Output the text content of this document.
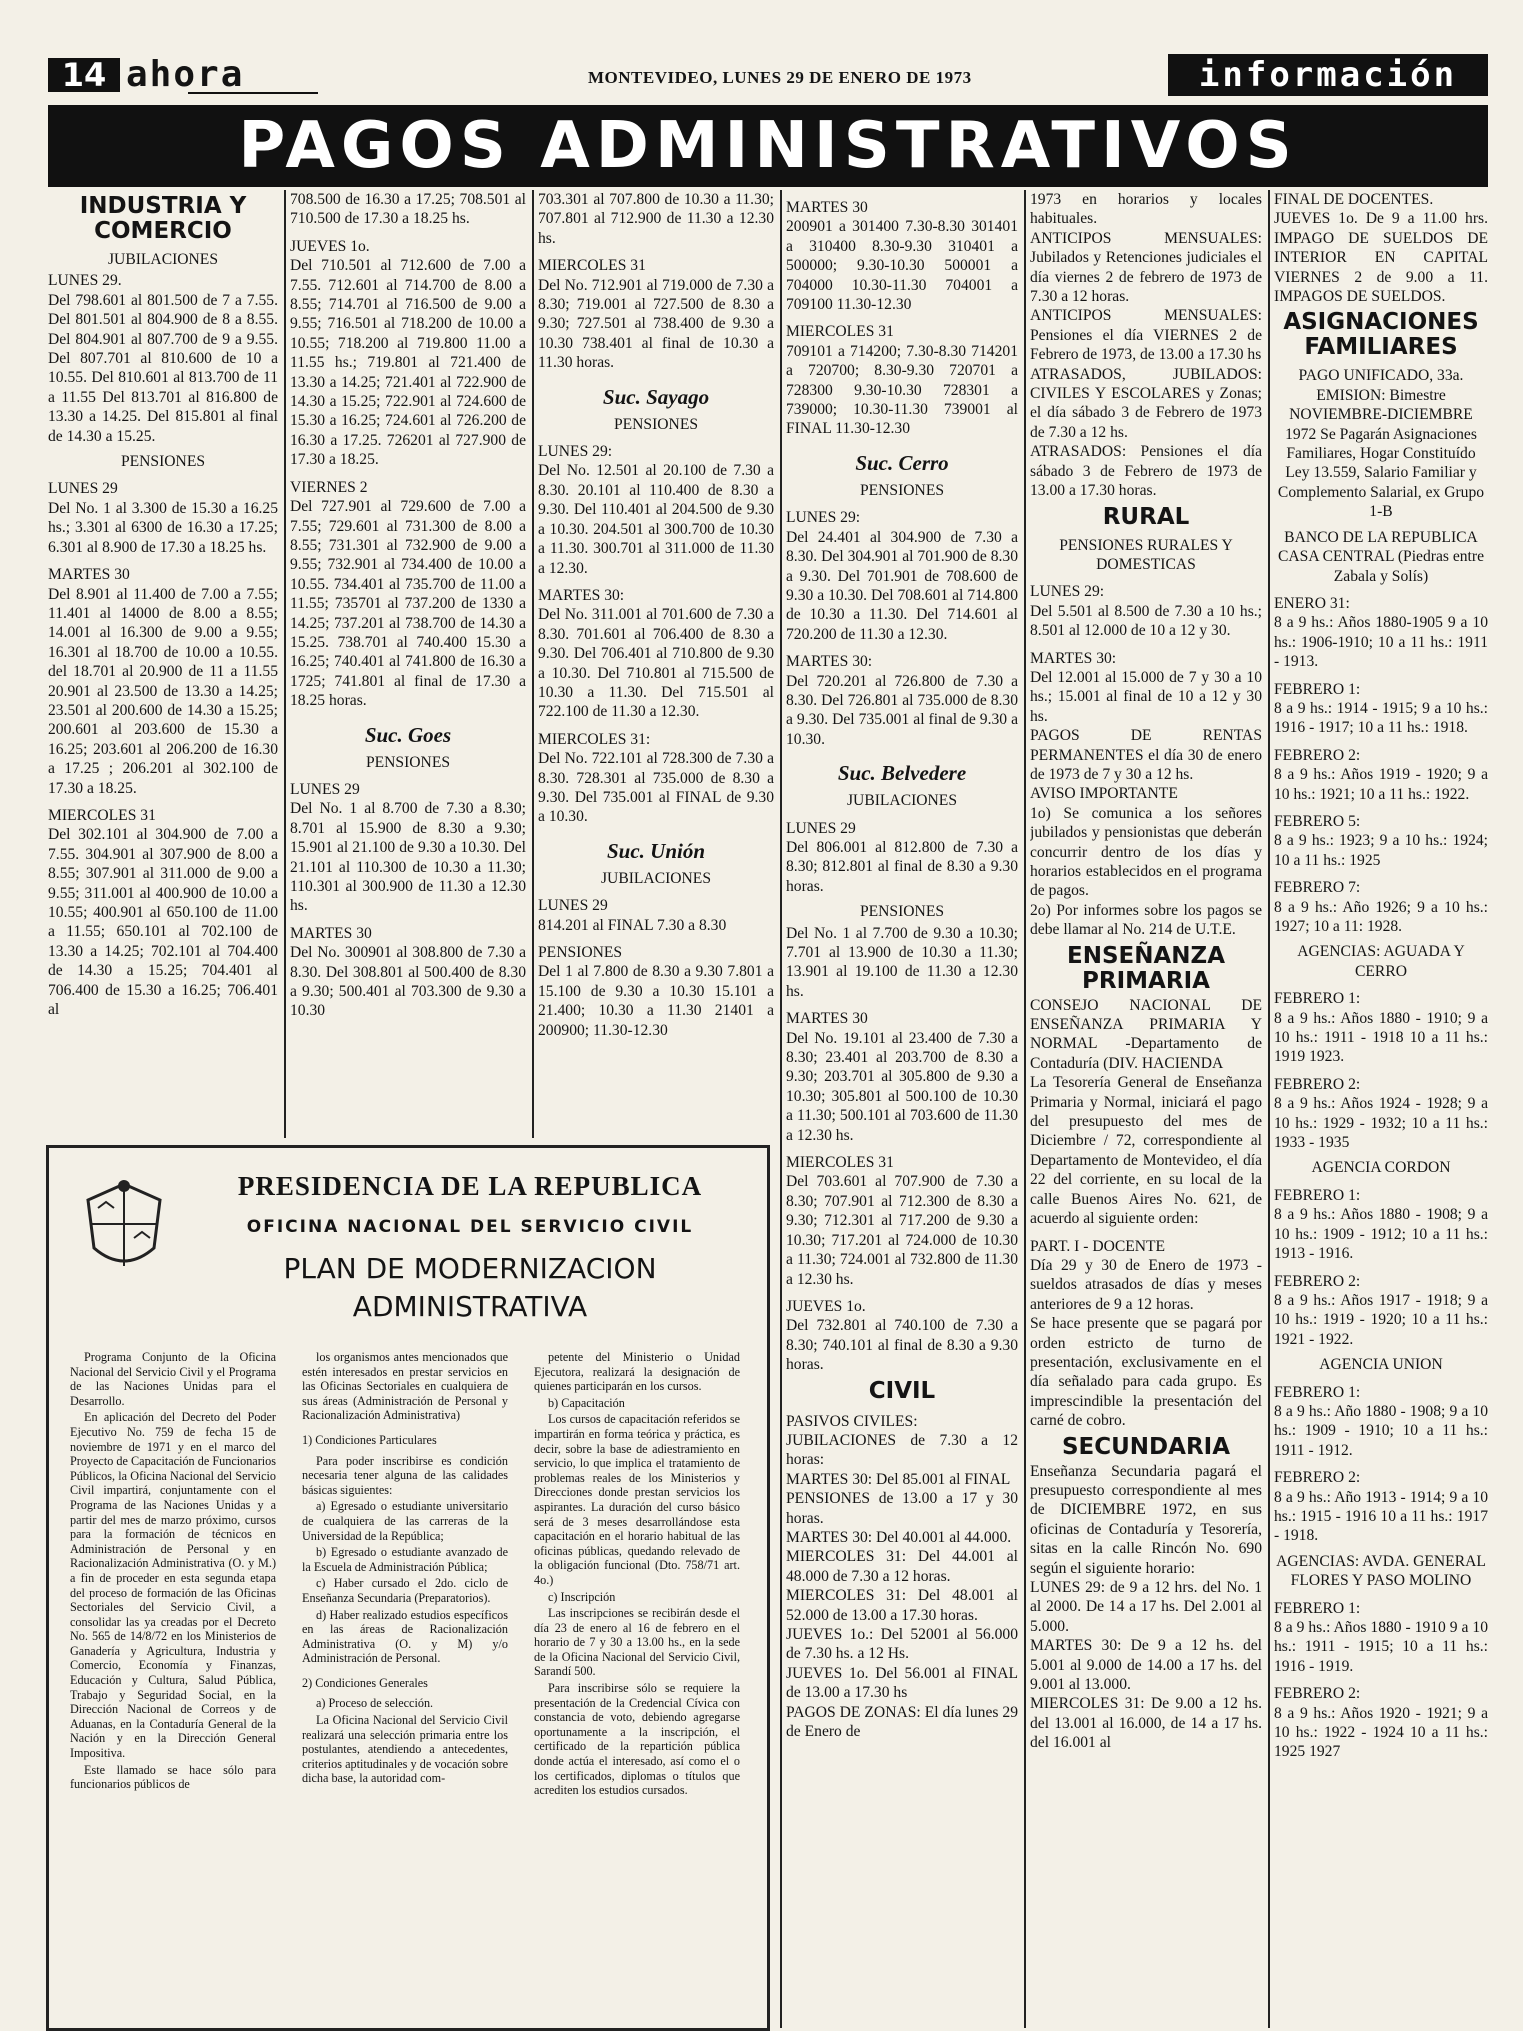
14 ahora	MONTEVIDEO, LUNES 29 DE ENERO DE 1973	información
PAGOS ADMINISTRATIVOS
INDUSTRIA Y COMERCIO

JUBILACIONES

LUNES 29.

Del 798.601 al 801.500 de 7 a 7.55. Del 801.501 al 804.900 de 8 a 8.55. Del 804.901 al 807.700 de 9 a 9.55. Del 807.701 al 810.600 de 10 a 10.55. Del 810.601 al 813.700 de 11 a 11.55 Del 813.701 al 816.800 de 13.30 a 14.25. Del 815.801 al final de 14.30 a 15.25.

PENSIONES

LUNES 29

Del No. 1 al 3.300 de 15.30 a 16.25 hs.; 3.301 al 6300 de 16.30 a 17.25; 6.301 al 8.900 de 17.30 a 18.25 hs.

MARTES 30

Del 8.901 al 11.400 de 7.00 a 7.55; 11.401 al 14000 de 8.00 a 8.55; 14.001 al 16.300 de 9.00 a 9.55; 16.301 al 18.700 de 10.00 a 10.55. del 18.701 al 20.900 de 11 a 11.55 20.901 al 23.500 de 13.30 a 14.25; 23.501 al 200.600 de 14.30 a 15.25; 200.601 al 203.600 de 15.30 a 16.25; 203.601 al 206.200 de 16.30 a 17.25 ; 206.201 al 302.100 de 17.30 a 18.25.

MIERCOLES 31

Del 302.101 al 304.900 de 7.00 a 7.55. 304.901 al 307.900 de 8.00 a 8.55; 307.901 al 311.000 de 9.00 a 9.55; 311.001 al 400.900 de 10.00 a 10.55; 400.901 al 650.100 de 11.00 a 11.55; 650.101 al 702.100 de 13.30 a 14.25; 702.101 al 704.400 de 14.30 a 15.25; 704.401 al 706.400 de 15.30 a 16.25; 706.401 al

708.500 de 16.30 a 17.25; 708.501 al 710.500 de 17.30 a 18.25 hs.

JUEVES 1o.

Del 710.501 al 712.600 de 7.00 a 7.55. 712.601 al 714.700 de 8.00 a 8.55; 714.701 al 716.500 de 9.00 a 9.55; 716.501 al 718.200 de 10.00 a 10.55; 718.200 al 719.800 11.00 a 11.55 hs.; 719.801 al 721.400 de 13.30 a 14.25; 721.401 al 722.900 de 14.30 a 15.25; 722.901 al 724.600 de 15.30 a 16.25; 724.601 al 726.200 de 16.30 a 17.25. 726201 al 727.900 de 17.30 a 18.25.

VIERNES 2

Del 727.901 al 729.600 de 7.00 a 7.55; 729.601 al 731.300 de 8.00 a 8.55; 731.301 al 732.900 de 9.00 a 9.55; 732.901 al 734.400 de 10.00 a 10.55. 734.401 al 735.700 de 11.00 a 11.55; 735701 al 737.200 de 1330 a 14.25; 737.201 al 738.700 de 14.30 a 15.25. 738.701 al 740.400 15.30 a 16.25; 740.401 al 741.800 de 16.30 a 1725; 741.801 al final de 17.30 a 18.25 horas.

Suc. Goes

PENSIONES

LUNES 29

Del No. 1 al 8.700 de 7.30 a 8.30; 8.701 al 15.900 de 8.30 a 9.30; 15.901 al 21.100 de 9.30 a 10.30. Del 21.101 al 110.300 de 10.30 a 11.30; 110.301 al 300.900 de 11.30 a 12.30 hs.

MARTES 30

Del No. 300901 al 308.800 de 7.30 a 8.30. Del 308.801 al 500.400 de 8.30 a 9.30; 500.401 al 703.300 de 9.30 a 10.30

703.301 al 707.800 de 10.30 a 11.30; 707.801 al 712.900 de 11.30 a 12.30 hs.

MIERCOLES 31

Del No. 712.901 al 719.000 de 7.30 a 8.30; 719.001 al 727.500 de 8.30 a 9.30; 727.501 al 738.400 de 9.30 a 10.30 738.401 al final de 10.30 a 11.30 horas.

Suc. Sayago

PENSIONES

LUNES 29:

Del No. 12.501 al 20.100 de 7.30 a 8.30. 20.101 al 110.400 de 8.30 a 9.30. Del 110.401 al 204.500 de 9.30 a 10.30. 204.501 al 300.700 de 10.30 a 11.30. 300.701 al 311.000 de 11.30 a 12.30.

MARTES 30:

Del No. 311.001 al 701.600 de 7.30 a 8.30. 701.601 al 706.400 de 8.30 a 9.30. Del 706.401 al 710.800 de 9.30 a 10.30. Del 710.801 al 715.500 de 10.30 a 11.30. Del 715.501 al 722.100 de 11.30 a 12.30.

MIERCOLES 31:

Del No. 722.101 al 728.300 de 7.30 a 8.30. 728.301 al 735.000 de 8.30 a 9.30. Del 735.001 al FINAL de 9.30 a 10.30.

Suc. Unión

JUBILACIONES

LUNES 29

814.201 al FINAL 7.30 a 8.30

PENSIONES

Del 1 al 7.800 de 8.30 a 9.30 7.801 a 15.100 de 9.30 a 10.30 15.101 a 21.400; 10.30 a 11.30 21401 a 200900; 11.30-12.30

MARTES 30

200901 a 301400 7.30-8.30 301401 a 310400 8.30-9.30 310401 a 500000; 9.30-10.30 500001 a 704000 10.30-11.30 704001 a 709100 11.30-12.30

MIERCOLES 31

709101 a 714200; 7.30-8.30 714201 a 720700; 8.30-9.30 720701 a 728300 9.30-10.30 728301 a 739000; 10.30-11.30 739001 al FINAL 11.30-12.30

Suc. Cerro

PENSIONES

LUNES 29:

Del 24.401 al 304.900 de 7.30 a 8.30. Del 304.901 al 701.900 de 8.30 a 9.30. Del 701.901 de 708.600 de 9.30 a 10.30. Del 708.601 al 714.800 de 10.30 a 11.30. Del 714.601 al 720.200 de 11.30 a 12.30.

MARTES 30:

Del 720.201 al 726.800 de 7.30 a 8.30. Del 726.801 al 735.000 de 8.30 a 9.30. Del 735.001 al final de 9.30 a 10.30.

Suc. Belvedere

JUBILACIONES

LUNES 29

Del 806.001 al 812.800 de 7.30 a 8.30; 812.801 al final de 8.30 a 9.30 horas.

PENSIONES

Del No. 1 al 7.700 de 9.30 a 10.30; 7.701 al 13.900 de 10.30 a 11.30; 13.901 al 19.100 de 11.30 a 12.30 hs.

MARTES 30

Del No. 19.101 al 23.400 de 7.30 a 8.30; 23.401 al 203.700 de 8.30 a 9.30; 203.701 al 305.800 de 9.30 a 10.30; 305.801 al 500.100 de 10.30 a 11.30; 500.101 al 703.600 de 11.30 a 12.30 hs.

MIERCOLES 31

Del 703.601 al 707.900 de 7.30 a 8.30; 707.901 al 712.300 de 8.30 a 9.30; 712.301 al 717.200 de 9.30 a 10.30; 717.201 al 724.000 de 10.30 a 11.30; 724.001 al 732.800 de 11.30 a 12.30 hs.

JUEVES 1o.

Del 732.801 al 740.100 de 7.30 a 8.30; 740.101 al final de 8.30 a 9.30 horas.

CIVIL

PASIVOS CIVILES:

JUBILACIONES de 7.30 a 12 horas:

MARTES 30: Del 85.001 al FINAL

PENSIONES de 13.00 a 17 y 30 horas.

MARTES 30: Del 40.001 al 44.000.

MIERCOLES 31: Del 44.001 al 48.000 de 7.30 a 12 horas.

MIERCOLES 31: Del 48.001 al 52.000 de 13.00 a 17.30 horas.

JUEVES 1o.: Del 52001 al 56.000 de 7.30 hs. a 12 Hs.

JUEVES 1o. Del 56.001 al FINAL de 13.00 a 17.30 hs

PAGOS DE ZONAS: El día lunes 29 de Enero de

1973 en horarios y locales habituales.

ANTICIPOS MENSUALES: Jubilados y Retenciones judiciales el día viernes 2 de febrero de 1973 de 7.30 a 12 horas.

ANTICIPOS MENSUALES: Pensiones el día VIERNES 2 de Febrero de 1973, de 13.00 a 17.30 hs

ATRASADOS, JUBILADOS: CIVILES Y ESCOLARES y Zonas; el día sábado 3 de Febrero de 1973 de 7.30 a 12 hs.

ATRASADOS: Pensiones el día sábado 3 de Febrero de 1973 de 13.00 a 17.30 horas.

RURAL

PENSIONES RURALES Y DOMESTICAS

LUNES 29:

Del 5.501 al 8.500 de 7.30 a 10 hs.; 8.501 al 12.000 de 10 a 12 y 30.

MARTES 30:

Del 12.001 al 15.000 de 7 y 30 a 10 hs.; 15.001 al final de 10 a 12 y 30 hs.

PAGOS DE RENTAS PERMANENTES el día 30 de enero de 1973 de 7 y 30 a 12 hs.

AVISO IMPORTANTE

1o) Se comunica a los señores jubilados y pensionistas que deberán concurrir dentro de los días y horarios establecidos en el programa de pagos.

2o) Por informes sobre los pagos se debe llamar al No. 214 de U.T.E.

ENSEÑANZA PRIMARIA

CONSEJO NACIONAL DE ENSEÑANZA PRIMARIA Y NORMAL -Departamento de Contaduría (DIV. HACIENDA

La Tesorería General de Enseñanza Primaria y Normal, iniciará el pago del presupuesto del mes de Diciembre / 72, correspondiente al Departamento de Montevideo, el día 22 del corriente, en su local de la calle Buenos Aires No. 621, de acuerdo al siguiente orden:

PART. I - DOCENTE

Día 29 y 30 de Enero de 1973 - sueldos atrasados de días y meses anteriores de 9 a 12 horas.

Se hace presente que se pagará por orden estricto de turno de presentación, exclusivamente en el día señalado para cada grupo. Es imprescindible la presentación del carné de cobro.

SECUNDARIA

Enseñanza Secundaria pagará el presupuesto correspondiente al mes de DICIEMBRE 1972, en sus oficinas de Contaduría y Tesorería, sitas en la calle Rincón No. 690 según el siguiente horario:

LUNES 29: de 9 a 12 hrs. del No. 1 al 2000. De 14 a 17 hs. Del 2.001 al 5.000.

MARTES 30: De 9 a 12 hs. del 5.001 al 9.000 de 14.00 a 17 hs. del 9.001 al 13.000.

MIERCOLES 31: De 9.00 a 12 hs. del 13.001 al 16.000, de 14 a 17 hs. del 16.001 al

FINAL DE DOCENTES.

JUEVES 1o. De 9 a 11.00 hrs. IMPAGO DE SUELDOS DE INTERIOR EN CAPITAL VIERNES 2 de 9.00 a 11. IMPAGOS DE SUELDOS.

ASIGNACIONES FAMILIARES

PAGO UNIFICADO, 33a. EMISION: Bimestre NOVIEMBRE-DICIEMBRE 1972 Se Pagarán Asignaciones Familiares, Hogar Constituído Ley 13.559, Salario Familiar y Complemento Salarial, ex Grupo 1-B

BANCO DE LA REPUBLICA CASA CENTRAL (Piedras entre Zabala y Solís)

ENERO 31:

8 a 9 hs.: Años 1880-1905 9 a 10 hs.: 1906-1910; 10 a 11 hs.: 1911 - 1913.

FEBRERO 1:

8 a 9 hs.: 1914 - 1915; 9 a 10 hs.: 1916 - 1917; 10 a 11 hs.: 1918.

FEBRERO 2:

8 a 9 hs.: Años 1919 - 1920; 9 a 10 hs.: 1921; 10 a 11 hs.: 1922.

FEBRERO 5:

8 a 9 hs.: 1923; 9 a 10 hs.: 1924; 10 a 11 hs.: 1925

FEBRERO 7:

8 a 9 hs.: Año 1926; 9 a 10 hs.: 1927; 10 a 11: 1928.

AGENCIAS: AGUADA Y CERRO

FEBRERO 1:

8 a 9 hs.: Años 1880 - 1910; 9 a 10 hs.: 1911 - 1918 10 a 11 hs.: 1919 1923.

FEBRERO 2:

8 a 9 hs.: Años 1924 - 1928; 9 a 10 hs.: 1929 - 1932; 10 a 11 hs.: 1933 - 1935

AGENCIA CORDON

FEBRERO 1:

8 a 9 hs.: Años 1880 - 1908; 9 a 10 hs.: 1909 - 1912; 10 a 11 hs.: 1913 - 1916.

FEBRERO 2:

8 a 9 hs.: Años 1917 - 1918; 9 a 10 hs.: 1919 - 1920; 10 a 11 hs.: 1921 - 1922.

AGENCIA UNION

FEBRERO 1:

8 a 9 hs.: Año 1880 - 1908; 9 a 10 hs.: 1909 - 1910; 10 a 11 hs.: 1911 - 1912.

FEBRERO 2:

8 a 9 hs.: Año 1913 - 1914; 9 a 10 hs.: 1915 - 1916 10 a 11 hs.: 1917 - 1918.

AGENCIAS: AVDA. GENERAL FLORES Y PASO MOLINO

FEBRERO 1:

8 a 9 hs.: Años 1880 - 1910 9 a 10 hs.: 1911 - 1915; 10 a 11 hs.: 1916 - 1919.

FEBRERO 2:

8 a 9 hs.: Años 1920 - 1921; 9 a 10 hs.: 1922 - 1924 10 a 11 hs.: 1925 1927

PRESIDENCIA DE LA REPUBLICA
OFICINA NACIONAL DEL SERVICIO CIVIL
PLAN DE MODERNIZACION ADMINISTRATIVA

Programa Conjunto de la Oficina Nacional del Servicio Civil y el Programa de las Naciones Unidas para el Desarrollo.

En aplicación del Decreto del Poder Ejecutivo No. 759 de fecha 15 de noviembre de 1971 y en el marco del Proyecto de Capacitación de Funcionarios Públicos, la Oficina Nacional del Servicio Civil impartirá, conjuntamente con el Programa de las Naciones Unidas y a partir del mes de marzo próximo, cursos para la formación de técnicos en Administración de Personal y en Racionalización Administrativa (O. y M.) a fin de proceder en esta segunda etapa del proceso de formación de las Oficinas Sectoriales del Servicio Civil, a consolidar las ya creadas por el Decreto No. 565 de 14/8/72 en los Ministerios de Ganadería y Agricultura, Industria y Comercio, Economía y Finanzas, Educación y Cultura, Salud Pública, Trabajo y Seguridad Social, en la Dirección Nacional de Correos y de Aduanas, en la Contaduría General de la Nación y en la Dirección General Impositiva.

Este llamado se hace sólo para funcionarios públicos de

los organismos antes mencionados que estén interesados en prestar servicios en las Oficinas Sectoriales en cualquiera de sus áreas (Administración de Personal y Racionalización Administrativa)

1) Condiciones Particulares

Para poder inscribirse es condición necesaria tener alguna de las calidades básicas siguientes:

a) Egresado o estudiante universitario de cualquiera de las carreras de la Universidad de la República;

b) Egresado o estudiante avanzado de la Escuela de Administración Pública;

c) Haber cursado el 2do. ciclo de Enseñanza Secundaria (Preparatorios).

d) Haber realizado estudios específicos en las áreas de Racionalización Administrativa (O. y M) y/o Administración de Personal.

2) Condiciones Generales

a) Proceso de selección.

La Oficina Nacional del Servicio Civil realizará una selección primaria entre los postulantes, atendiendo a antecedentes, criterios aptitudinales y de vocación sobre dicha base, la autoridad com-

petente del Ministerio o Unidad Ejecutora, realizará la designación de quienes participarán en los cursos.

b) Capacitación

Los cursos de capacitación referidos se impartirán en forma teórica y práctica, es decir, sobre la base de adiestramiento en servicio, lo que implica el tratamiento de problemas reales de los Ministerios y Direcciones donde prestan servicios los aspirantes. La duración del curso básico será de 3 meses desarrollándose esta capacitación en el horario habitual de las oficinas públicas, quedando relevado de la obligación funcional (Dto. 758/71 art. 4o.)

c) Inscripción

Las inscripciones se recibirán desde el día 23 de enero al 16 de febrero en el horario de 7 y 30 a 13.00 hs., en la sede de la Oficina Nacional del Servicio Civil, Sarandí 500.

Para inscribirse sólo se requiere la presentación de la Credencial Cívica con constancia de voto, debiendo agregarse oportunamente a la inscripción, el certificado de la repartición pública donde actúa el interesado, así como el o los certificados, diplomas o títulos que acrediten los estudios cursados.
